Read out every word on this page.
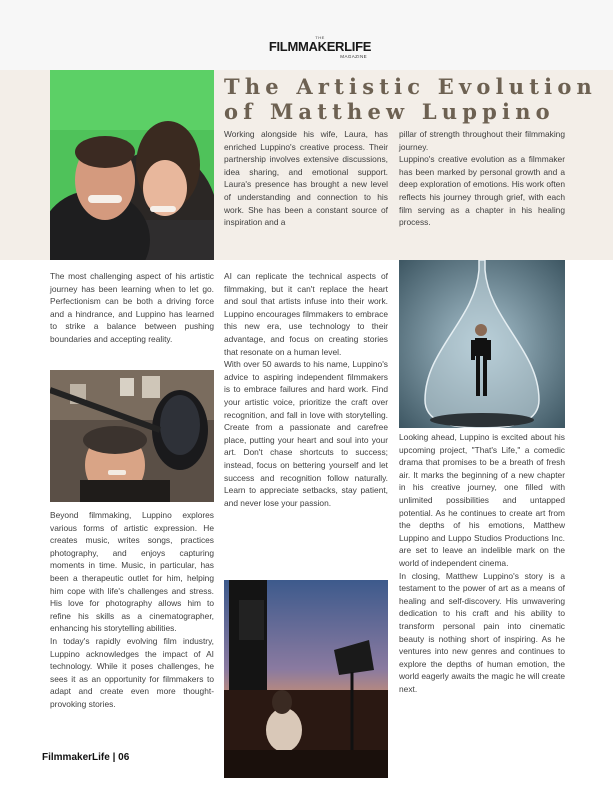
THE
FILMMAKERLIFE
MAGAZINE
The Artistic Evolution
of Matthew Luppino

Working alongside his wife, Laura, has enriched Luppino's creative process. Their partnership involves extensive discussions, idea sharing, and emotional support. Laura's presence has brought a new level of understanding and connection to his work. She has been a constant source of inspiration and a

pillar of strength throughout their filmmaking journey.

Luppino's creative evolution as a filmmaker has been marked by personal growth and a deep exploration of emotions. His work often reflects his journey through grief, with each film serving as a chapter in his healing process.

The most challenging aspect of his artistic journey has been learning when to let go. Perfectionism can be both a driving force and a hindrance, and Luppino has learned to strike a balance between pushing boundaries and accepting reality.

Beyond filmmaking, Luppino explores various forms of artistic expression. He creates music, writes songs, practices photography, and enjoys capturing moments in time. Music, in particular, has been a therapeutic outlet for him, helping him cope with life's challenges and stress. His love for photography allows him to refine his skills as a cinematographer, enhancing his storytelling abilities.

In today's rapidly evolving film industry, Luppino acknowledges the impact of AI technology. While it poses challenges, he sees it as an opportunity for filmmakers to adapt and create even more thought-provoking stories.

AI can replicate the technical aspects of filmmaking, but it can't replace the heart and soul that artists infuse into their work. Luppino encourages filmmakers to embrace this new era, use technology to their advantage, and focus on creating stories that resonate on a human level.

With over 50 awards to his name, Luppino's advice to aspiring independent filmmakers is to embrace failures and hard work. Find your artistic voice, prioritize the craft over recognition, and fall in love with storytelling. Create from a passionate and carefree place, putting your heart and soul into your art. Don't chase shortcuts to success; instead, focus on bettering yourself and let success and recognition follow naturally. Learn to appreciate setbacks, stay patient, and never lose your passion.

Looking ahead, Luppino is excited about his upcoming project, "That's Life," a comedic drama that promises to be a breath of fresh air. It marks the beginning of a new chapter in his creative journey, one filled with unlimited possibilities and untapped potential. As he continues to create art from the depths of his emotions, Matthew Luppino and Luppo Studios Productions Inc. are set to leave an indelible mark on the world of independent cinema.

In closing, Matthew Luppino's story is a testament to the power of art as a means of healing and self-discovery. His unwavering dedication to his craft and his ability to transform personal pain into cinematic beauty is nothing short of inspiring. As he ventures into new genres and continues to explore the depths of human emotion, the world eagerly awaits the magic he will create next.

FilmmakerLife | 06
